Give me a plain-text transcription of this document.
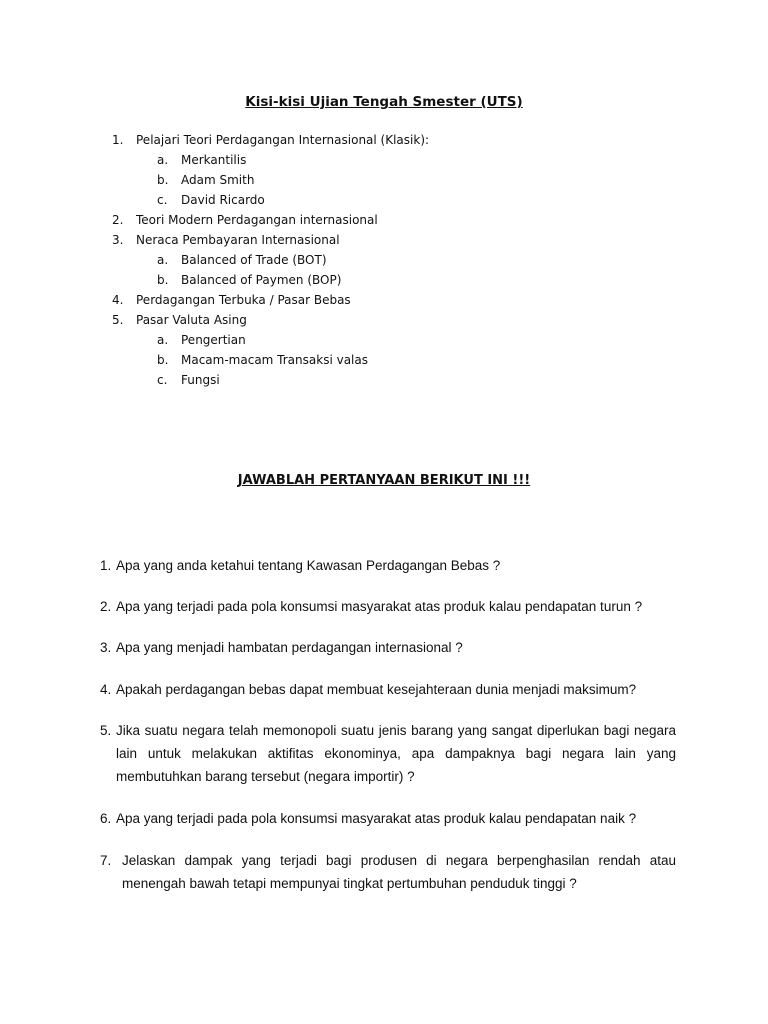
Kisi-kisi Ujian Tengah Smester (UTS)
1. Pelajari Teori Perdagangan Internasional (Klasik):
a. Merkantilis
b. Adam Smith
c. David Ricardo
2. Teori Modern Perdagangan internasional
3. Neraca Pembayaran Internasional
a. Balanced of Trade (BOT)
b. Balanced of Paymen (BOP)
4. Perdagangan Terbuka / Pasar Bebas
5. Pasar Valuta Asing
a. Pengertian
b. Macam-macam Transaksi valas
c. Fungsi
JAWABLAH PERTANYAAN BERIKUT INI !!!
1. Apa yang anda ketahui tentang Kawasan Perdagangan Bebas ?
2. Apa yang terjadi pada pola konsumsi masyarakat atas produk kalau pendapatan turun ?
3. Apa yang menjadi hambatan perdagangan internasional ?
4. Apakah perdagangan bebas dapat membuat kesejahteraan dunia menjadi maksimum?
5. Jika suatu negara telah memonopoli suatu jenis barang yang sangat diperlukan bagi negara lain untuk melakukan aktifitas ekonominya, apa dampaknya bagi negara lain yang membutuhkan barang tersebut (negara importir) ?
6. Apa yang terjadi pada pola konsumsi masyarakat atas produk kalau pendapatan naik ?
7. Jelaskan dampak yang terjadi bagi produsen di negara berpenghasilan rendah atau menengah bawah tetapi mempunyai tingkat pertumbuhan penduduk tinggi ?
